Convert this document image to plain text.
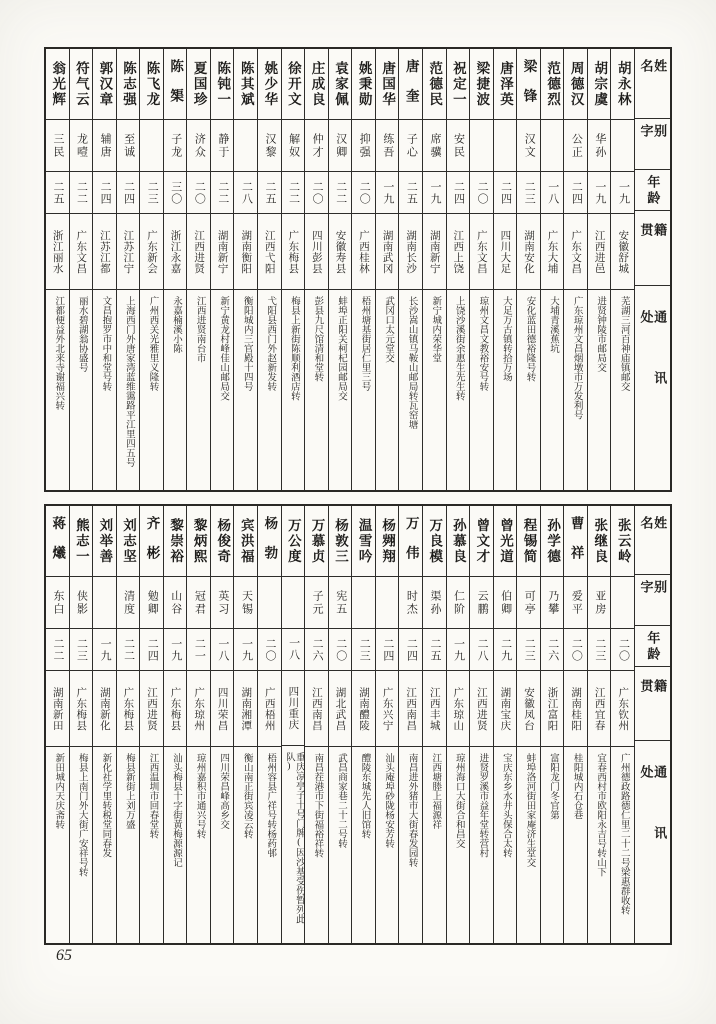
姓名
别字
年龄
籍贯
通讯处
胡永林
一九
安徽舒城
芜湖三河百神庙镇邮交
胡宗虞
华孙
一九
江西进邑
进贤钟陵市邮局交
周德汉
公正
二四
广东文昌
广东琼州文昌烟墩市万发利号
范德烈
一八
广东大埔
大埔青溪蕉坑
梁锋
汉文
二三
湖南安化
安化蓝田德裕隆号转
唐泽英
二四
四川大足
大足万古镇转拾万场
梁捷波
二〇
广东文昌
琼州文昌文教裕安号转
祝定一
安民
二四
江西上饶
上饶沙溪街余惠生先生转
范德民
席骥
一九
湖南新宁
新宁城内荣华堂
唐奎
子心
二五
湖南长沙
长沙嵩山镇马鞍山邮局转瓦窑塘
唐国华
练吾
一九
湖南武冈
武冈口太元堂交
姚秉勋
抑强
二〇
广西桂林
梧州塘基街居仁里三号
袁家佩
汉卿
二二
安徽寿县
蚌埠正阳关柯杞园邮局交
庄成良
仲才
二〇
四川彭县
彭县九尺馆清和堂转
徐开文
解奴
二二
广东梅县
梅县上新街陈顺利酒店转
姚少华
汉黎
二五
江西弋阳
弋阳县西门外赵新发转
陈其斌
二八
湖南衡阳
衡阳城内三官殿十四号
陈钝一
静于
二二
湖南新宁
新宁黄龙村峰佳山邮局交
夏国珍
济众
二〇
江西进贤
江西进贤南台市
陈榘
子龙
三〇
浙江永嘉
永嘉楠溪小陈
陈飞龙
二三
广东新会
广州西关光雅里义隆转
陈志强
至诚
二四
江苏江宁
上海西门外唐家湾蓝维霭路平江里四五号
郭汉章
辅唐
二四
江苏江都
文昌抱罗市中和堂号转
符气云
龙噎
二二
广东文昌
丽水碧湖翁协盛号
翁光辉
三民
二五
浙江丽水
江都便益外北来寺谢福兴转
姓名
别字
年龄
籍贯
通讯处
张云岭
二〇
广东钦州
广州德政路德仁里二十二号梁惠群收转
张继良
亚房
二三
江西宜春
宜春西村市欧阳永吉号转山下
曹祥
爱平
二〇
湖南桂阳
桂阳城内石仓巷
孙学德
乃攀
二六
浙江富阳
富阳龙门冬官第
程锡简
可亭
二三
安徽凤台
蚌埠洛河街田家庵济生堂交
曾光道
伯卿
二九
湖南宝庆
宝庆东乡水井头保合太转
曾文才
云鹏
二八
江西进贤
进贤罗溪市益年堂转营村
孙慕良
仁阶
一九
广东琼山
琼州海口大街合和昌交
万良模
渠孙
二五
江西丰城
江西塘塍上福源祥
万伟
时杰
二四
江西南昌
南昌进外猪市大街春发园转
杨翙翔
二四
广东兴宁
汕头庵埠砂陇杨安芳转
温雪吟
二三
湖南醴陵
醴陵东城先人旧馆转
杨敦三
宪五
二〇
湖北武昌
武昌商家巷二十二号转
万慕贞
子元
二六
江西南昌
南昌茬港市下街福裕祥转
万公度
一八
四川重庆
重庆凉亭子十号门牌(因沙基受伤暂列此队)
杨勃
二〇
广西梧州
梧州容县广祥号转杨药邨
宾洪福
天锡
一九
湖南湘潭
衡山南正街宾凌云转
杨俊奇
英习
一八
四川荣昌
四川荣昌峰高乡交
黎炳熙
冠君
二一
广东琼州
琼州嘉积市通兴号转
黎崇裕
山谷
一九
广东梅县
汕头梅县十字街黄梅源源记
齐彬
勉卿
二四
江西进贤
江西温圳市回春堂转
刘志坚
清度
二二
广东梅县
梅县新街上刘万盛
刘举善
一九
湖南新化
新化社学里转税堂同春发
熊志一
侠影
二三
广东梅县
梅县上南门外大街广安祥号转
蒋爔
东白
二二
湖南新田
新田城内天庆斋转
65
